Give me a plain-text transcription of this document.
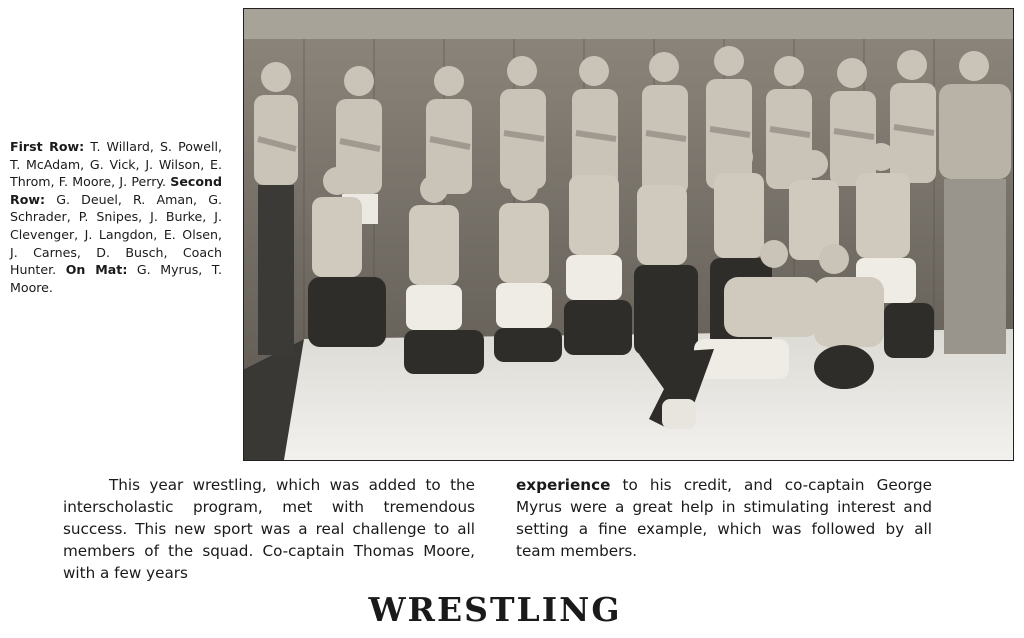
First Row: T. Willard, S. Powell, T. McAdam, G. Vick, J. Wilson, E. Throm, F. Moore, J. Perry. Second Row: G. Deuel, R. Aman, G. Schrader, P. Snipes, J. Burke, J. Clevenger, J. Langdon, E. Olsen, J. Carnes, D. Busch, Coach Hunter. On Mat: G. Myrus, T. Moore.
This year wrestling, which was added to the interscholastic program, met with tremendous success. This new sport was a real challenge to all members of the squad. Co-captain Thomas Moore, with a few years
experience to his credit, and co-captain George Myrus were a great help in stimulating interest and setting a fine example, which was followed by all team members.
WRESTLING
